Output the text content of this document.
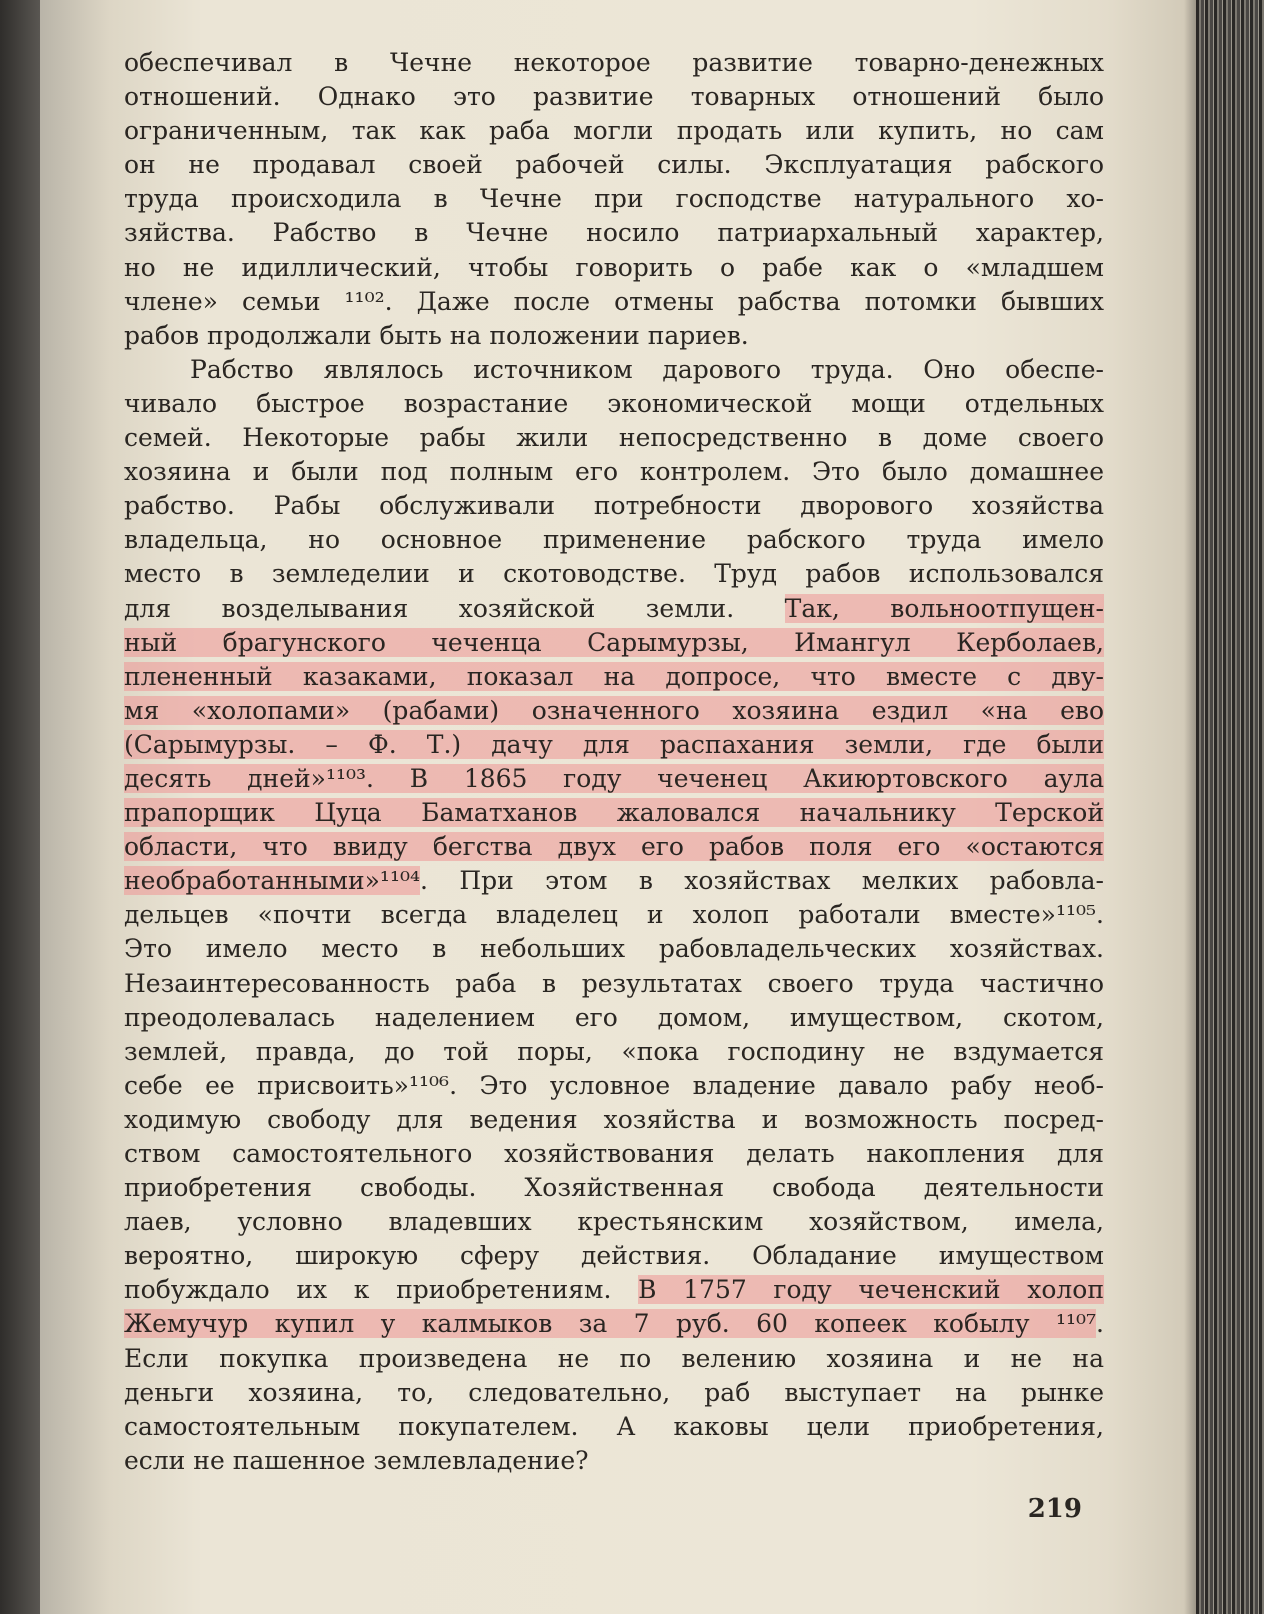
обеспечивал в Чечне некоторое развитие товарно-денежных
отношений. Однако это развитие товарных отношений было
ограниченным, так как раба могли продать или купить, но сам
он не продавал своей рабочей силы. Эксплуатация рабского
труда происходила в Чечне при господстве натурального хо-
зяйства. Рабство в Чечне носило патриархальный характер,
но не идиллический, чтобы говорить о рабе как о «младшем
члене» семьи ¹¹⁰². Даже после отмены рабства потомки бывших
рабов продолжали быть на положении париев.
Рабство являлось источником дарового труда. Оно обеспе-
чивало быстрое возрастание экономической мощи отдельных
семей. Некоторые рабы жили непосредственно в доме своего
хозяина и были под полным его контролем. Это было домашнее
рабство. Рабы обслуживали потребности дворового хозяйства
владельца, но основное применение рабского труда имело
место в земледелии и скотоводстве. Труд рабов использовался
для возделывания хозяйской земли. Так, вольноотпущен-
ный брагунского чеченца Сарымурзы, Имангул Керболаев,
плененный казаками, показал на допросе, что вместе с дву-
мя «холопами» (рабами) означенного хозяина ездил «на ево
(Сарымурзы. – Ф. Т.) дачу для распахания земли, где были
десять дней»¹¹⁰³. В 1865 году чеченец Акиюртовского аула
прапорщик Цуца Баматханов жаловался начальнику Терской
области, что ввиду бегства двух его рабов поля его «остаются
необработанными»¹¹⁰⁴. При этом в хозяйствах мелких рабовла-
дельцев «почти всегда владелец и холоп работали вместе»¹¹⁰⁵.
Это имело место в небольших рабовладельческих хозяйствах.
Незаинтересованность раба в результатах своего труда частично
преодолевалась наделением его домом, имуществом, скотом,
землей, правда, до той поры, «пока господину не вздумается
себе ее присвоить»¹¹⁰⁶. Это условное владение давало рабу необ-
ходимую свободу для ведения хозяйства и возможность посред-
ством самостоятельного хозяйствования делать накопления для
приобретения свободы. Хозяйственная свобода деятельности
лаев, условно владевших крестьянским хозяйством, имела,
вероятно, широкую сферу действия. Обладание имуществом
побуждало их к приобретениям. В 1757 году чеченский холоп
Жемучур купил у калмыков за 7 руб. 60 копеек кобылу ¹¹⁰⁷.
Если покупка произведена не по велению хозяина и не на
деньги хозяина, то, следовательно, раб выступает на рынке
самостоятельным покупателем. А каковы цели приобретения,
если не пашенное землевладение?
219
